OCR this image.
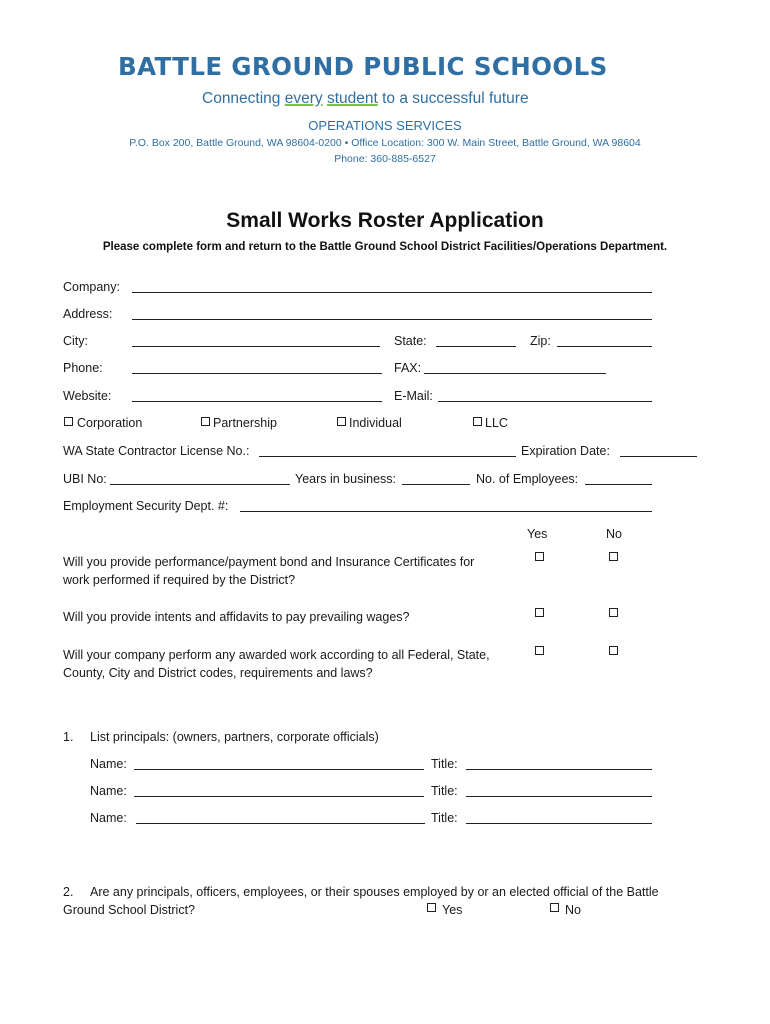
BATTLE GROUND PUBLIC SCHOOLS
Connecting every student to a successful future
OPERATIONS SERVICES
P.O. Box 200, Battle Ground, WA 98604-0200 • Office Location: 300 W. Main Street, Battle Ground, WA 98604
Phone: 360-885-6527
Small Works Roster Application
Please complete form and return to the Battle Ground School District Facilities/Operations Department.
Company:
Address:
City:	State:	Zip:
Phone:	FAX:
Website:	E-Mail:
Corporation	Partnership	Individual	LLC
WA State Contractor License No.:	Expiration Date:
UBI No:	Years in business:	No. of Employees:
Employment Security Dept. #:
Yes	No
Will you provide performance/payment bond and Insurance Certificates for
work performed if required by the District?
Will you provide intents and affidavits to pay prevailing wages?
Will your company perform any awarded work according to all Federal, State,
County, City and District codes, requirements and laws?
1. List principals: (owners, partners, corporate officials)
Name:	Title:
Name:	Title:
Name:	Title:
2. Are any principals, officers, employees, or their spouses employed by or an elected official of the Battle
Ground School District?	Yes	No
